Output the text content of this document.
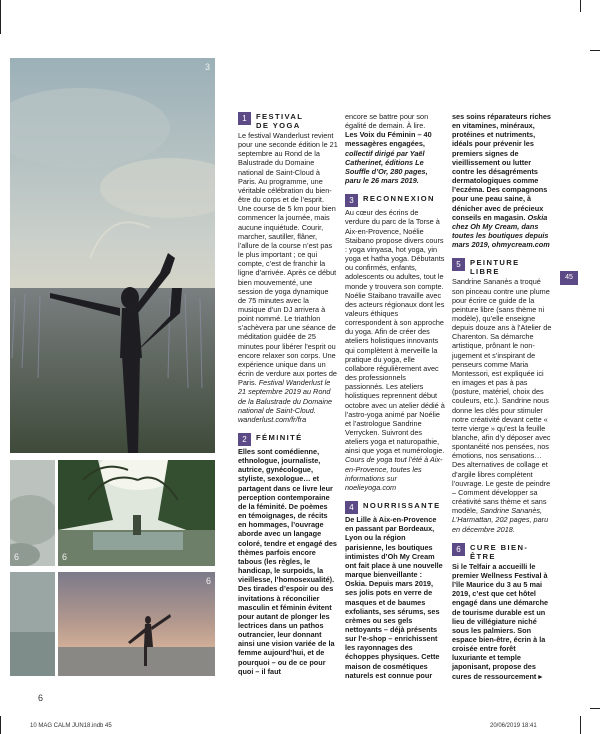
3
6	6
6
6
1	FESTIVAL
DE YOGA

Le festival Wanderlust revient pour une seconde édition le 21 septembre au Rond de la Balustrade du Domaine national de Saint-Cloud à Paris. Au programme, une véritable célébration du bien-être du corps et de l’esprit. Une course de 5 km pour bien commencer la journée, mais aucune inquiétude. Courir, marcher, sautiller, flâner, l’allure de la course n’est pas le plus important ; ce qui compte, c’est de franchir la ligne d’arrivée. Après ce début bien mouvementé, une session de yoga dynamique de 75 minutes avec la musique d’un DJ arrivera à point nommé. Le triathlon s’achèvera par une séance de méditation guidée de 25 minutes pour libérer l’esprit ou encore relaxer son corps. Une expérience unique dans un écrin de verdure aux portes de Paris. Festival Wanderlust le 21 septembre 2019 au Rond de la Balustrade du Domaine national de Saint-Cloud. wanderlust.com/fr/fra

2	FÉMINITÉ

Elles sont comédienne, ethnologue, journaliste, autrice, gynécologue, styliste, sexologue… et partagent dans ce livre leur perception contemporaine de la féminité. De poèmes en témoignages, de récits en hommages, l’ouvrage aborde avec un langage coloré, tendre et engagé des thèmes parfois encore tabous (les règles, le handicap, le surpoids, la vieillesse, l’homosexualité). Des tirades d’espoir ou des invitations à réconcilier masculin et féminin évitent pour autant de plonger les lectrices dans un pathos outrancier, leur donnant ainsi une vision variée de la femme aujourd’hui, et de pourquoi – ou de ce pour quoi – il faut

encore se battre pour son égalité de demain. À lire.

Les Voix du Féminin – 40 messagères engagées, collectif dirigé par Yaël Catherinet, éditions Le Souffle d’Or, 280 pages, paru le 26 mars 2019.

3	RECONNEXION

Au cœur des écrins de verdure du parc de la Torse à Aix-en-Provence, Noélie Staibano propose divers cours : yoga vinyasa, hot yoga, yin yoga et hatha yoga. Débutants ou confirmés, enfants, adolescents ou adultes, tout le monde y trouvera son compte. Noélie Staibano travaille avec des acteurs régionaux dont les valeurs éthiques correspondent à son approche du yoga. Afin de créer des ateliers holistiques innovants qui complètent à merveille la pratique du yoga, elle collabore régulièrement avec des professionnels passionnés. Les ateliers holistiques reprennent début octobre avec un atelier dédié à l’astro-yoga animé par Noélie et l’astrologue Sandrine Verrycken. Suivront des ateliers yoga et naturopathie, ainsi que yoga et numérologie.

Cours de yoga tout l’été à Aix-en-Provence, toutes les informations sur noelieyoga.com

4	NOURRISSANTE

De Lille à Aix-en-Provence en passant par Bordeaux, Lyon ou la région parisienne, les boutiques intimistes d’Oh My Cream ont fait place à une nouvelle marque bienveillante : Oskia. Depuis mars 2019, ses jolis pots en verre de masques et de baumes exfoliants, ses sérums, ses crèmes ou ses gels nettoyants – déjà présents sur l’e-shop – enrichissent les rayonnages des échoppes physiques. Cette maison de cosmétiques naturels est connue pour

ses soins réparateurs riches en vitamines, minéraux, protéines et nutriments, idéals pour prévenir les premiers signes de vieillissement ou lutter contre les désagréments dermatologiques comme l’eczéma. Des compagnons pour une peau saine, à dénicher avec de précieux conseils en magasin. Oskia chez Oh My Cream, dans toutes les boutiques depuis mars 2019, ohmycream.com

5	PEINTURE LIBRE

Sandrine Sananès a troqué son pinceau contre une plume pour écrire ce guide de la peinture libre (sans thème ni modèle), qu’elle enseigne depuis douze ans à l’Atelier de Charenton. Sa démarche artistique, prônant le non-jugement et s’inspirant de penseurs comme Maria Montessori, est expliquée ici en images et pas à pas (posture, matériel, choix des couleurs, etc.). Sandrine nous donne les clés pour stimuler notre créativité devant cette « terre vierge » qu’est la feuille blanche, afin d’y déposer avec spontanéité nos pensées, nos émotions, nos sensations… Des alternatives de collage et d’argile libres complètent l’ouvrage. Le geste de peindre – Comment développer sa créativité sans thème et sans modèle, Sandrine Sananès, L’Harmattan, 202 pages, paru en décembre 2018.

6	CURE BIEN-ÊTRE

Si le Telfair a accueilli le premier Wellness Festival à l’île Maurice du 3 au 5 mai 2019, c’est que cet hôtel engagé dans une démarche de tourisme durable est un lieu de villégiature niché sous les palmiers. Son espace bien-être, écrin à la croisée entre forêt luxuriante et temple japonisant, propose des cures de ressourcement ▸

45
10 MAG CALM JUN18.indb 45	20/06/2019 18:41
